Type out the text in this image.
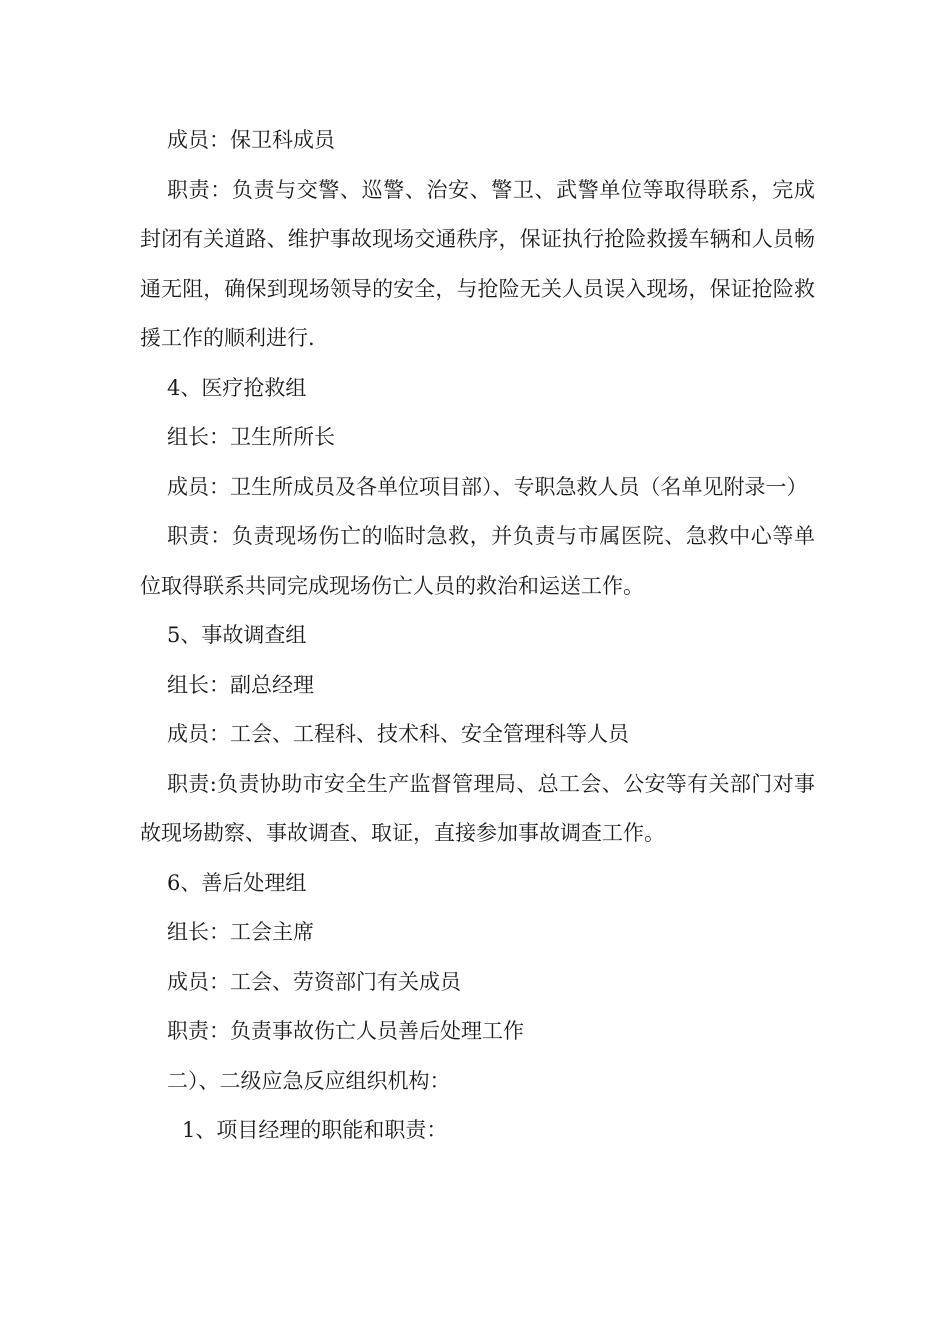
成员：保卫科成员

职责：负责与交警、巡警、治安、警卫、武警单位等取得联系，完成封闭有关道路、维护事故现场交通秩序，保证执行抢险救援车辆和人员畅通无阻，确保到现场领导的安全，与抢险无关人员误入现场，保证抢险救援工作的顺利进行.

4、医疗抢救组

组长：卫生所所长

成员：卫生所成员及各单位项目部）、专职急救人员（名单见附录一）

职责：负责现场伤亡的临时急救，并负责与市属医院、急救中心等单位取得联系共同完成现场伤亡人员的救治和运送工作。

5、事故调查组

组长：副总经理

成员：工会、工程科、技术科、安全管理科等人员

职责:负责协助市安全生产监督管理局、总工会、公安等有关部门对事故现场勘察、事故调查、取证，直接参加事故调查工作。

6、善后处理组

组长：工会主席

成员：工会、劳资部门有关成员

职责：负责事故伤亡人员善后处理工作

二）、二级应急反应组织机构：

1、项目经理的职能和职责：
